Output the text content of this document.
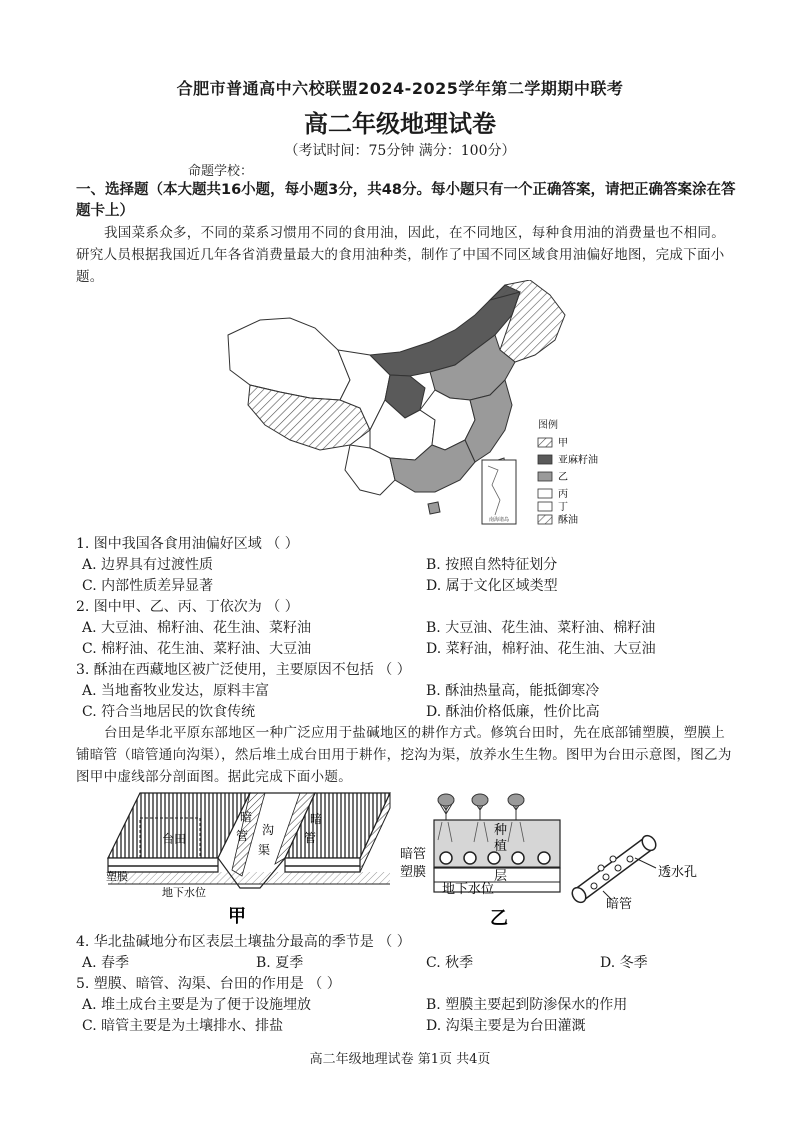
合肥市普通高中六校联盟2024-2025学年第二学期期中联考
高二年级地理试卷
（考试时间：75分钟 满分：100分）
命题学校：
一、选择题（本大题共16小题，每小题3分，共48分。每小题只有一个正确答案，请把正确答案涂在答题卡上）
我国菜系众多，不同的菜系习惯用不同的食用油，因此，在不同地区，每种食用油的消费量也不相同。研究人员根据我国近几年各省消费量最大的食用油种类，制作了中国不同区域食用油偏好地图，完成下面小题。
南海诸岛
图例
甲
亚麻籽油
乙
丙
丁
酥油
1. 图中我国各食用油偏好区域 （ ）
A. 边界具有过渡性质	B. 按照自然特征划分
C. 内部性质差异显著	D. 属于文化区域类型
2. 图中甲、乙、丙、丁依次为 （ ）
A. 大豆油、棉籽油、花生油、菜籽油	B. 大豆油、花生油、菜籽油、棉籽油
C. 棉籽油、花生油、菜籽油、大豆油	D. 菜籽油，棉籽油、花生油、大豆油
3. 酥油在西藏地区被广泛使用，主要原因不包括 （ ）
A. 当地畜牧业发达，原料丰富	B. 酥油热量高，能抵御寒冷
C. 符合当地居民的饮食传统	D. 酥油价格低廉，性价比高
台田是华北平原东部地区一种广泛应用于盐碱地区的耕作方式。修筑台田时，先在底部铺塑膜，塑膜上铺暗管（暗管通向沟渠），然后堆土成台田用于耕作，挖沟为渠，放养水生生物。图甲为台田示意图，图乙为图甲中虚线部分剖面图。据此完成下面小题。
台田
暗
管 沟
渠
暗
管
塑膜
地下水位
甲
种
植
层
暗管
塑膜
地下水位
透水孔
暗管
乙
4. 华北盐碱地分布区表层土壤盐分最高的季节是 （ ）
A. 春季	B. 夏季	C. 秋季	D. 冬季
5. 塑膜、暗管、沟渠、台田的作用是 （ ）
A. 堆土成台主要是为了便于设施埋放	B. 塑膜主要起到防渗保水的作用
C. 暗管主要是为土壤排水、排盐	D. 沟渠主要是为台田灌溉
高二年级地理试卷 第1页 共4页
